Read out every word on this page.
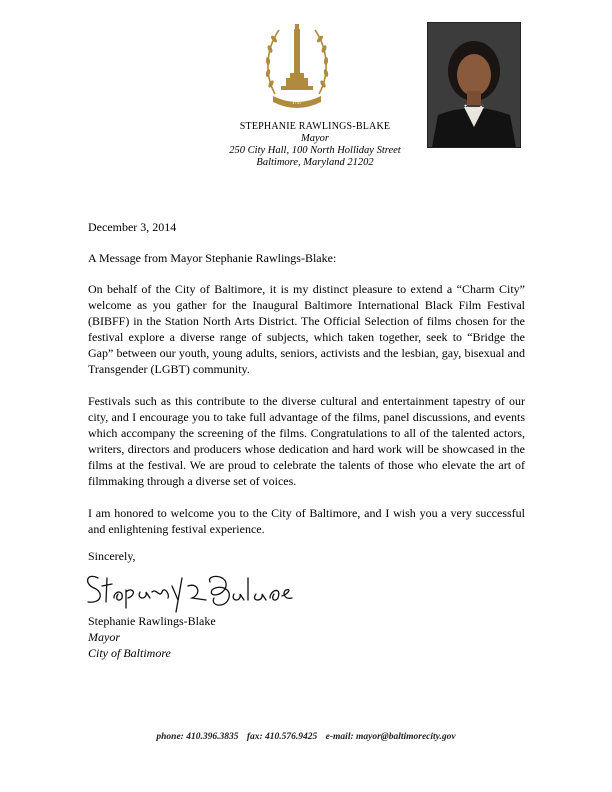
1797
STEPHANIE RAWLINGS-BLAKE
Mayor
250 City Hall, 100 North Holliday Street
Baltimore, Maryland 21202
December 3, 2014
A Message from Mayor Stephanie Rawlings-Blake:
On behalf of the City of Baltimore, it is my distinct pleasure to extend a “Charm City” welcome as you gather for the Inaugural Baltimore International Black Film Festival (BIBFF) in the Station North Arts District. The Official Selection of films chosen for the festival explore a diverse range of subjects, which taken together, seek to “Bridge the Gap” between our youth, young adults, seniors, activists and the lesbian, gay, bisexual and Transgender (LGBT) community.
Festivals such as this contribute to the diverse cultural and entertainment tapestry of our city, and I encourage you to take full advantage of the films, panel discussions, and events which accompany the screening of the films. Congratulations to all of the talented actors, writers, directors and producers whose dedication and hard work will be showcased in the films at the festival. We are proud to celebrate the talents of those who elevate the art of filmmaking through a diverse set of voices.
I am honored to welcome you to the City of Baltimore, and I wish you a very successful and enlightening festival experience.
Sincerely,
Stephanie Rawlings-Blake
Mayor
City of Baltimore
phone: 410.396.3835 fax: 410.576.9425 e-mail: mayor@baltimorecity.gov
